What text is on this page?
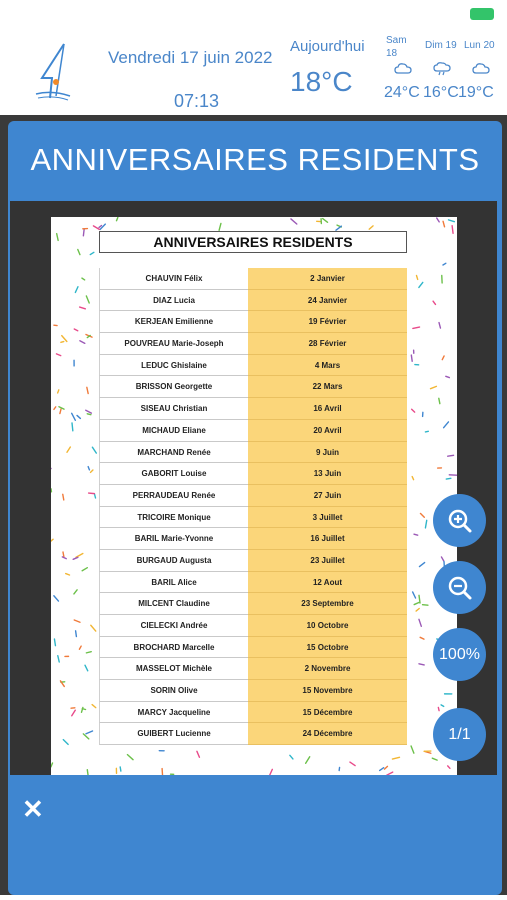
Vendredi 17 juin 2022
07:13
Aujourd'hui
18°C
Sam 18
24°C
Dim 19
16°C
Lun 20
19°C
ANNIVERSAIRES RESIDENTS
ANNIVERSAIRES RESIDENTS
CHAUVIN Félix	2 Janvier
DIAZ Lucia	24 Janvier
KERJEAN Emilienne	19 Février
POUVREAU Marie-Joseph	28 Février
LEDUC Ghislaine	4 Mars
BRISSON Georgette	22 Mars
SISEAU Christian	16 Avril
MICHAUD Eliane	20 Avril
MARCHAND Renée	9 Juin
GABORIT Louise	13 Juin
PERRAUDEAU Renée	27 Juin
TRICOIRE Monique	3 Juillet
BARIL Marie-Yvonne	16 Juillet
BURGAUD Augusta	23 Juillet
BARIL Alice	12 Aout
MILCENT Claudine	23 Septembre
CIELECKI Andrée	10 Octobre
BROCHARD Marcelle	15 Octobre
MASSELOT Michèle	2 Novembre
SORIN Olive	15 Novembre
MARCY Jacqueline	15 Décembre
GUIBERT Lucienne	24 Décembre
100%
1/1
✕
